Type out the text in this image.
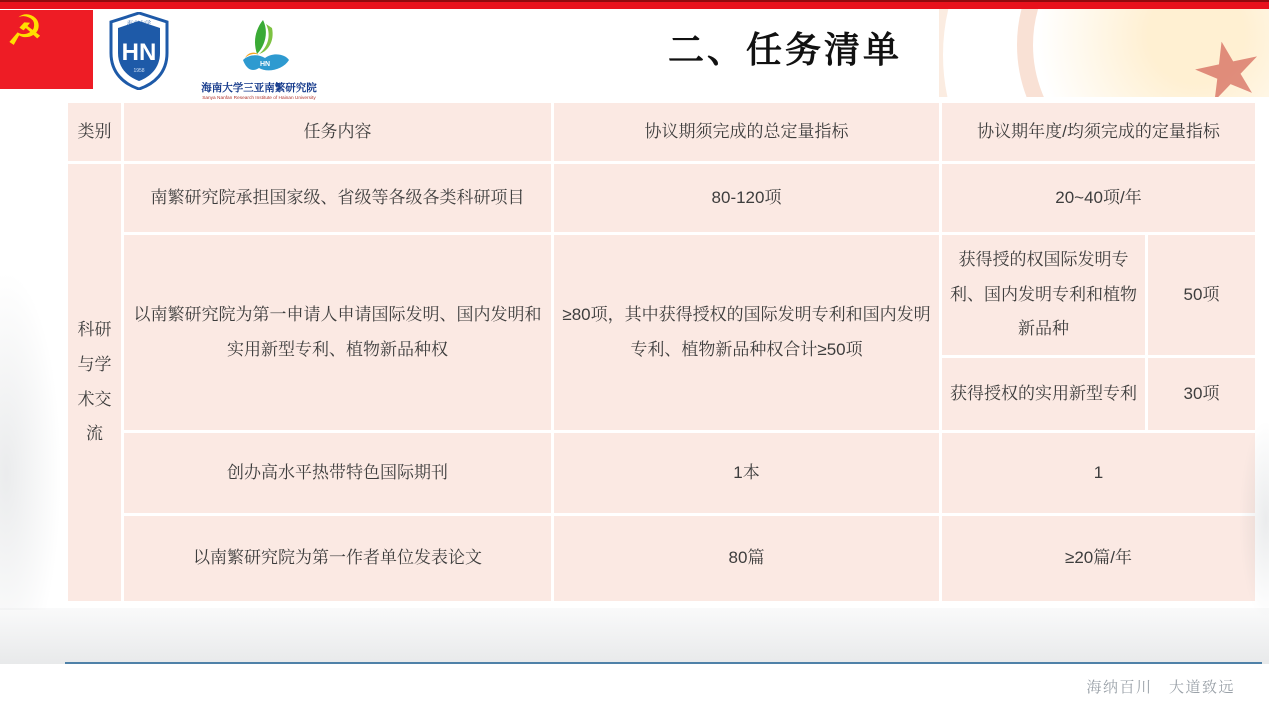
☭	海南大学
HN
1958
HN
海南大学三亚南繁研究院
Sanya Nanfan Research Institute of Hainan University
二、任务清单
类别	任务内容	协议期须完成的总定量指标	协议期年度/均须完成的定量指标	
科研与学术交流	南繁研究院承担国家级、省级等各级各类科研项目	80-120项	20~40项/年	
	以南繁研究院为第一申请人申请国际发明、国内发明和实用新型专利、植物新品种权	≥80项，其中获得授权的国际发明专利和国内发明专利、植物新品种权合计≥50项	获得授的权国际发明专利、国内发明专利和植物新品种	50项
			获得授权的实用新型专利	30项
	创办高水平热带特色国际期刊	1本	1	
	以南繁研究院为第一作者单位发表论文	80篇	≥20篇/年	
海纳百川　大道致远
